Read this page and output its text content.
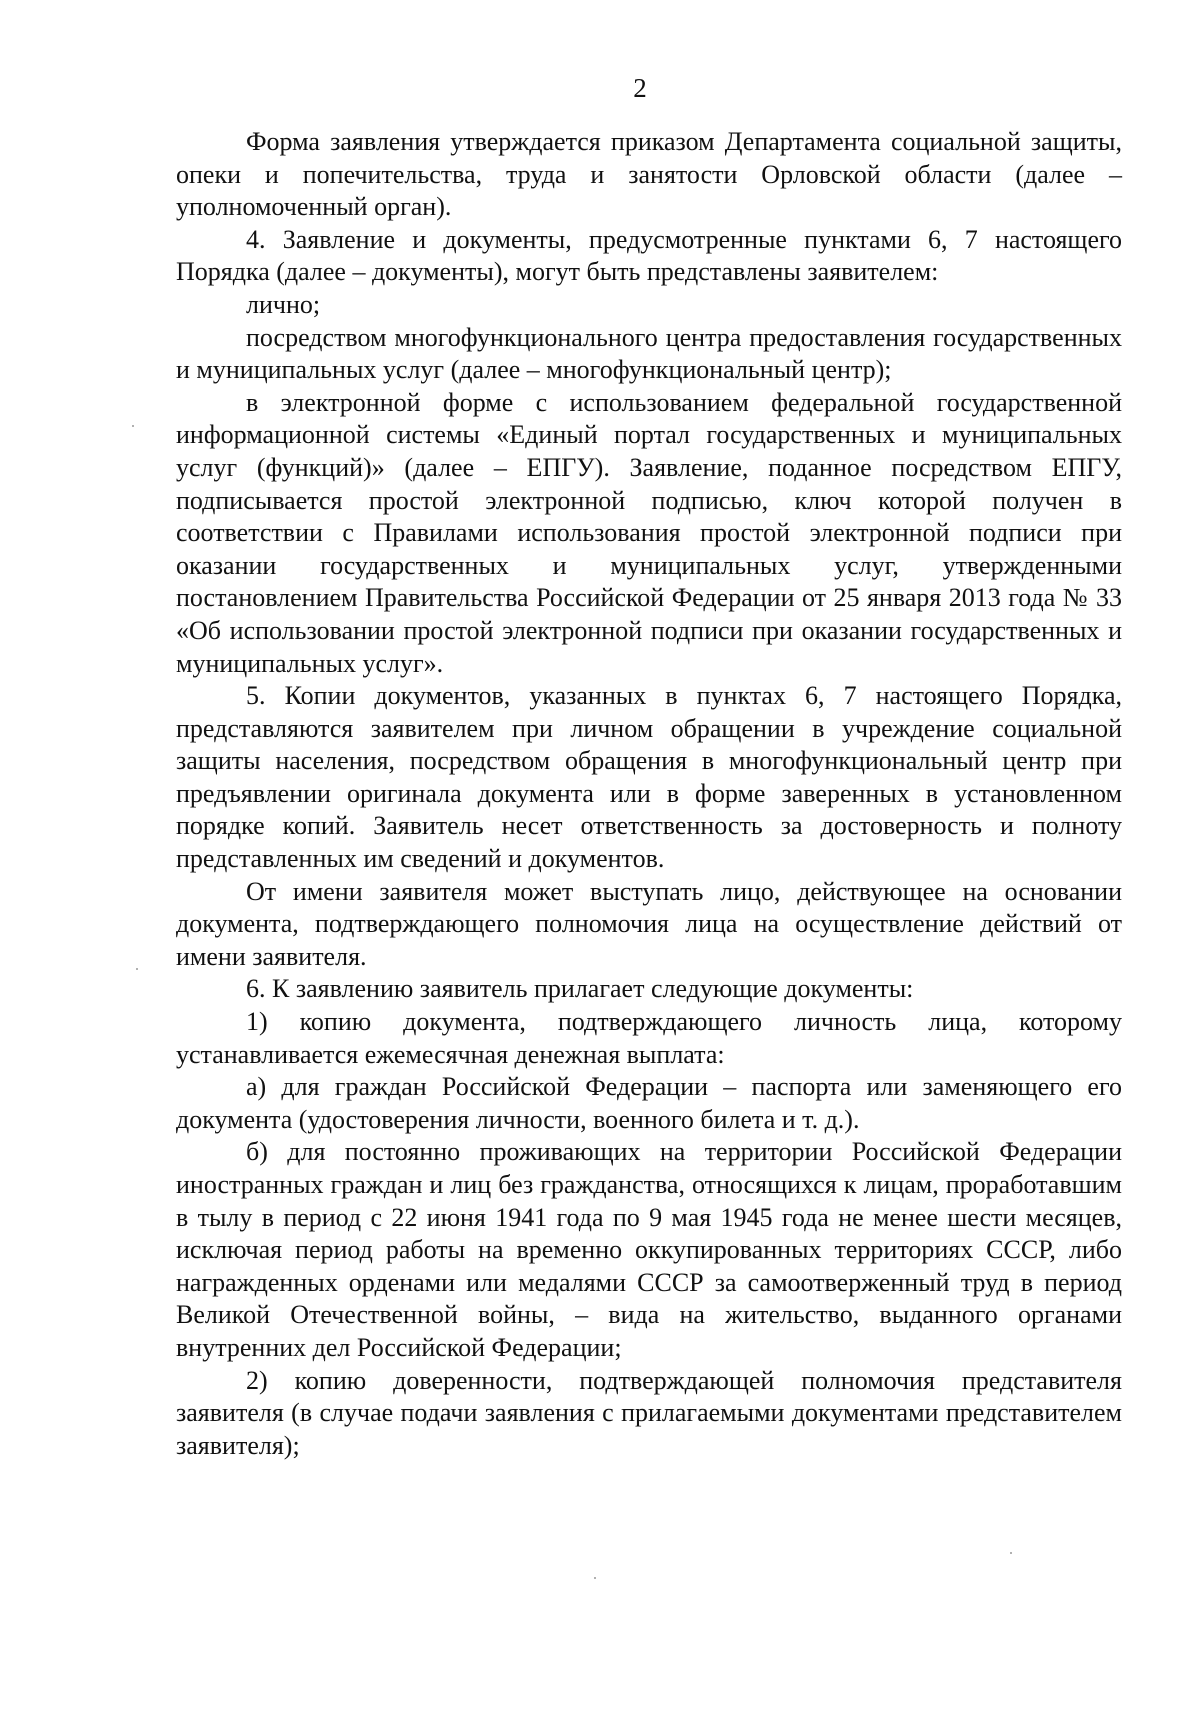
2

Форма заявления утверждается приказом Департамента социальной защиты, опеки и попечительства, труда и занятости Орловской области (далее – уполномоченный орган).

4. Заявление и документы, предусмотренные пунктами 6, 7 настоящего Порядка (далее – документы), могут быть представлены заявителем:

лично;

посредством многофункционального центра предоставления государственных и муниципальных услуг (далее – многофункциональный центр);

в электронной форме с использованием федеральной государственной информационной системы «Единый портал государственных и муниципальных услуг (функций)» (далее – ЕПГУ). Заявление, поданное посредством ЕПГУ, подписывается простой электронной подписью, ключ которой получен в соответствии с Правилами использования простой электронной подписи при оказании государственных и муниципальных услуг, утвержденными постановлением Правительства Российской Федерации от 25 января 2013 года № 33 «Об использовании простой электронной подписи при оказании государственных и муниципальных услуг».

5. Копии документов, указанных в пунктах 6, 7 настоящего Порядка, представляются заявителем при личном обращении в учреждение социальной защиты населения, посредством обращения в многофункциональный центр при предъявлении оригинала документа или в форме заверенных в установленном порядке копий. Заявитель несет ответственность за достоверность и полноту представленных им сведений и документов.

От имени заявителя может выступать лицо, действующее на основании документа, подтверждающего полномочия лица на осуществление действий от имени заявителя.

6. К заявлению заявитель прилагает следующие документы:

1) копию документа, подтверждающего личность лица, которому устанавливается ежемесячная денежная выплата:

а) для граждан Российской Федерации – паспорта или заменяющего его документа (удостоверения личности, военного билета и т. д.).

б) для постоянно проживающих на территории Российской Федерации иностранных граждан и лиц без гражданства, относящихся к лицам, проработавшим в тылу в период с 22 июня 1941 года по 9 мая 1945 года не менее шести месяцев, исключая период работы на временно оккупированных территориях СССР, либо награжденных орденами или медалями СССР за самоотверженный труд в период Великой Отечественной войны, – вида на жительство, выданного органами внутренних дел Российской Федерации;

2) копию доверенности, подтверждающей полномочия представителя заявителя (в случае подачи заявления с прилагаемыми документами представителем заявителя);
